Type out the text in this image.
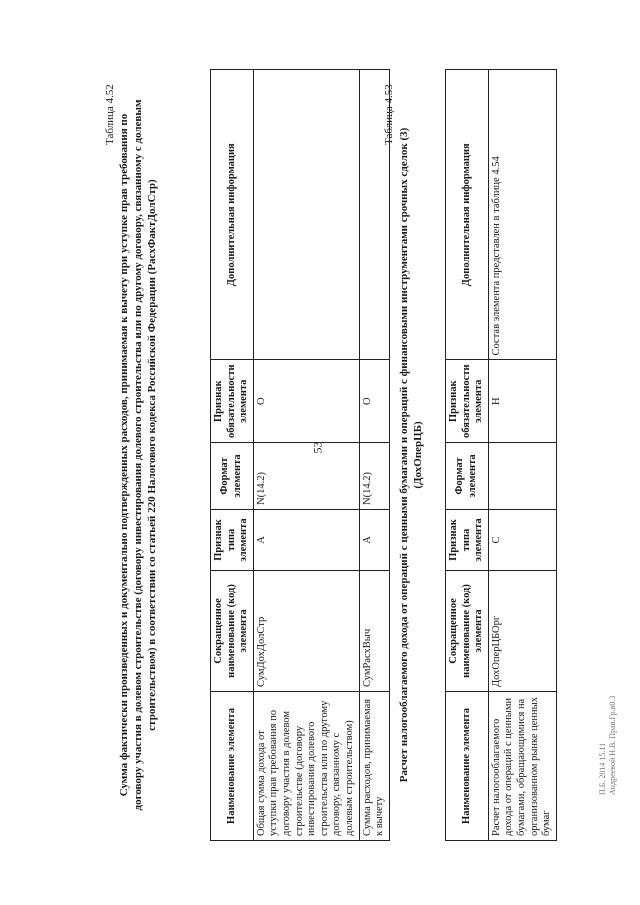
53
Таблица 4.52 Сумма фактически произведенных и документально подтвержденных расходов, принимаемая к вычету при уступке прав требования по договору участия в долевом строительстве (договору инвестирования долевого строительства или по другому договору, связанному с долевым строительством) в соответствии со статьей 220 Налогового кодекса Российской Федерации (РасхФактДолСтр)
Наименование элемента	Сокращенное наименование (код) элемента	Признак типа элемента	Формат элемента	Признак обязательности элемента	Дополнительная информация
Общая сумма дохода от уступки прав требования по договору участия в долевом строительстве (договору инвестирования долевого строительства или по другому договору, связанному с долевым строительством)	СумДохДолСтр	А	N(14.2)	О	
Сумма расходов, принимаемая к вычету	СумРасхВыч	А	N(14.2)	О	
Таблица 4.53
Расчет налогооблагаемого дохода от операций с ценными бумагами и операций с финансовыми инструментами срочных сделок (3) (ДохОперЦБ)
Наименование элемента	Сокращенное наименование (код) элемента	Признак типа элемента	Формат элемента	Признак обязательности элемента	Дополнительная информация
Расчет налогооблагаемого дохода от операций с ценными бумагами, обращающимися на организованном рынке ценных бумаг	ДохОперЦБОрг	С		Н	Состав элемента представлен в таблице 4.54
П.Б. 2014 15.11 Андреевой Н.В. Прав.Гр.в0.3
